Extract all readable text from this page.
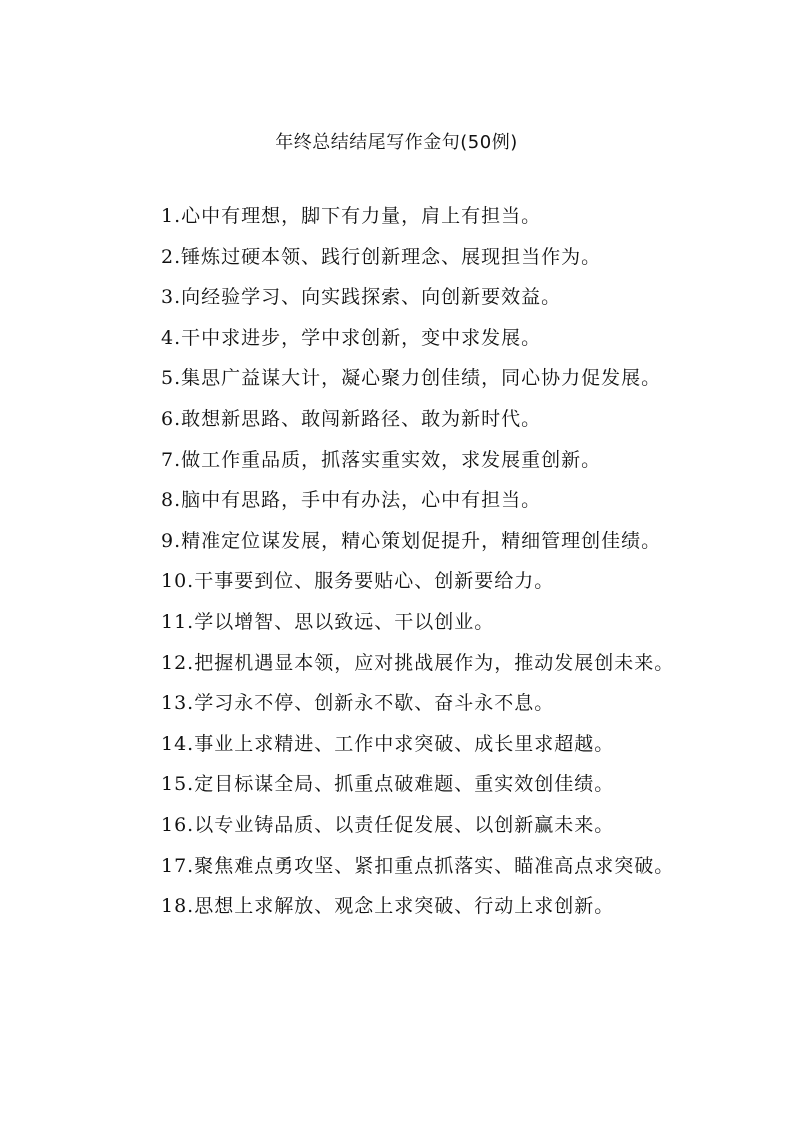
年终总结结尾写作金句(50例)

1.心中有理想，脚下有力量，肩上有担当。

2.锤炼过硬本领、践行创新理念、展现担当作为。

3.向经验学习、向实践探索、向创新要效益。

4.干中求进步，学中求创新，变中求发展。

5.集思广益谋大计，凝心聚力创佳绩，同心协力促发展。

6.敢想新思路、敢闯新路径、敢为新时代。

7.做工作重品质，抓落实重实效，求发展重创新。

8.脑中有思路，手中有办法，心中有担当。

9.精准定位谋发展，精心策划促提升，精细管理创佳绩。

10.干事要到位、服务要贴心、创新要给力。

11.学以增智、思以致远、干以创业。

12.把握机遇显本领，应对挑战展作为，推动发展创未来。

13.学习永不停、创新永不歇、奋斗永不息。

14.事业上求精进、工作中求突破、成长里求超越。

15.定目标谋全局、抓重点破难题、重实效创佳绩。

16.以专业铸品质、以责任促发展、以创新赢未来。

17.聚焦难点勇攻坚、紧扣重点抓落实、瞄准高点求突破。

18.思想上求解放、观念上求突破、行动上求创新。
